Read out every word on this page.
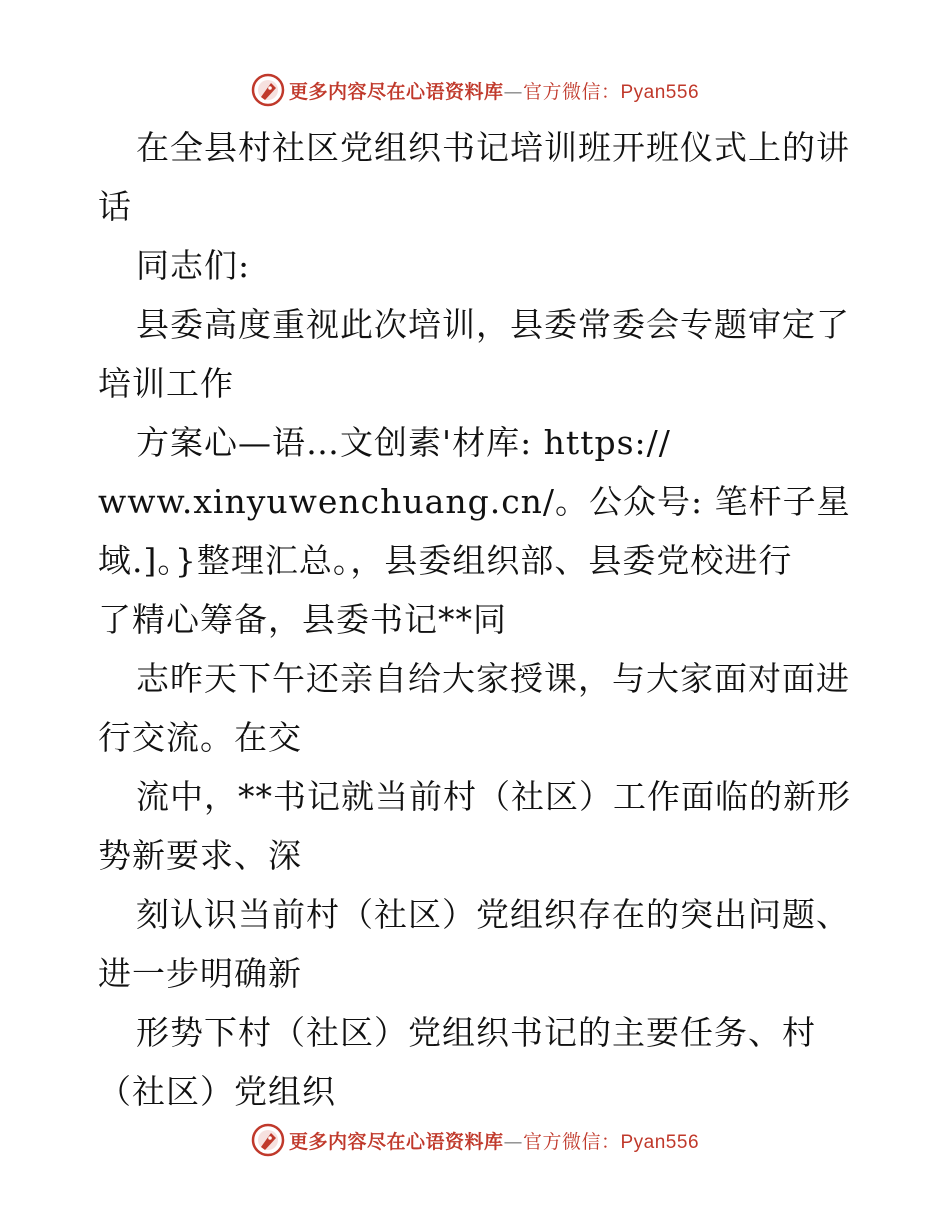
更多内容尽在心语资料库—官方微信：Pyan556
在全县村社区党组织书记培训班开班仪式上的讲
话
同志们:
县委高度重视此次培训，县委常委会专题审定了
培训工作
方案心—语…文创素'材库: https://
www.xinyuwenchuang.cn/。公众号: 笔杆子星
域.]。}整理汇总。，县委组织部、县委党校进行
了精心筹备，县委书记**同
志昨天下午还亲自给大家授课，与大家面对面进
行交流。在交
流中，**书记就当前村（社区）工作面临的新形
势新要求、深
刻认识当前村（社区）党组织存在的突出问题、
进一步明确新
形势下村（社区）党组织书记的主要任务、村
（社区）党组织
更多内容尽在心语资料库—官方微信：Pyan556
